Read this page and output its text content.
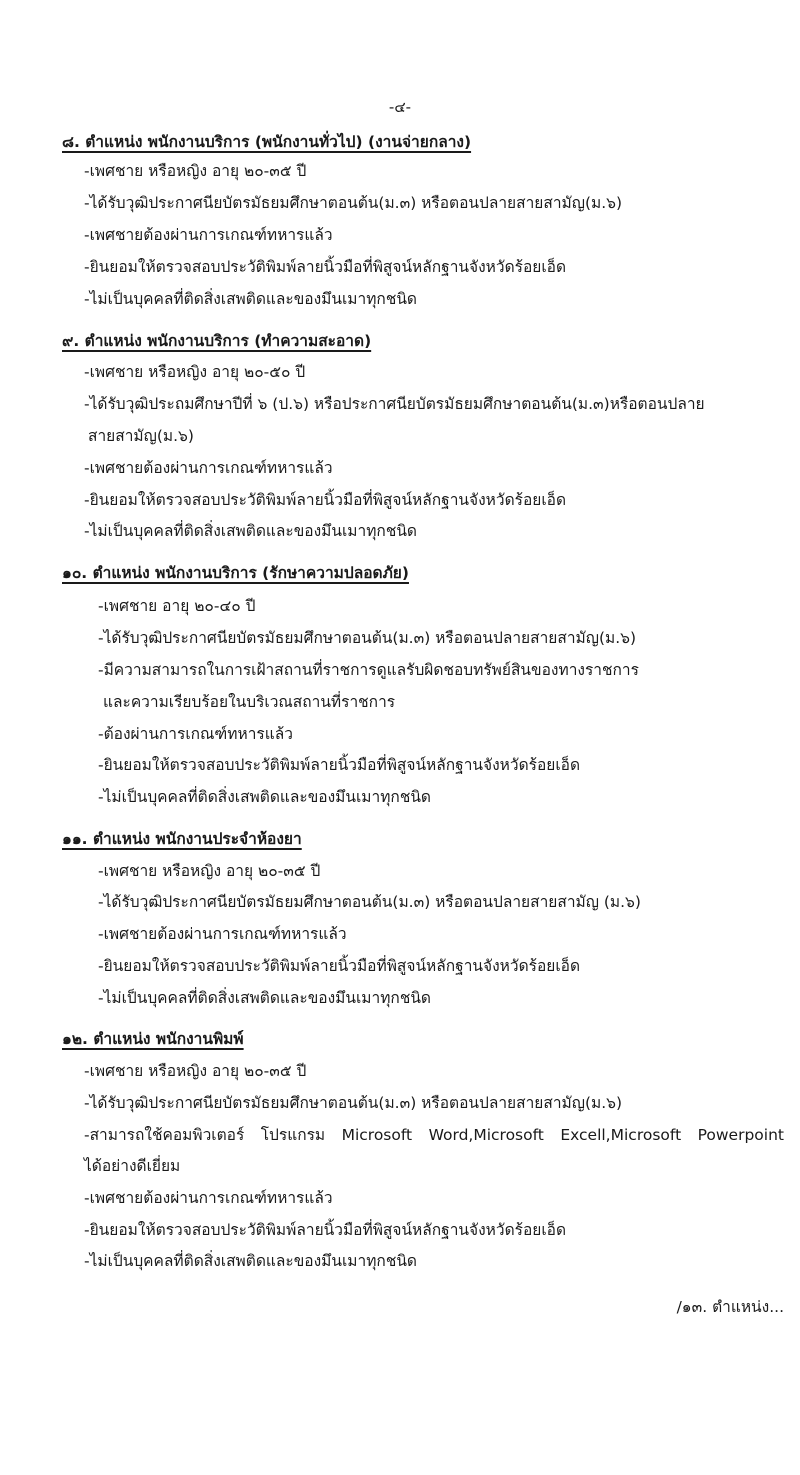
-๔-
๘. ตำแหน่ง พนักงานบริการ (พนักงานทั่วไป) (งานจ่ายกลาง)
-เพศชาย หรือหญิง อายุ ๒๐-๓๕ ปี
-ได้รับวุฒิประกาศนียบัตรมัธยมศึกษาตอนต้น(ม.๓) หรือตอนปลายสายสามัญ(ม.๖)
-เพศชายต้องผ่านการเกณฑ์ทหารแล้ว
-ยินยอมให้ตรวจสอบประวัติพิมพ์ลายนิ้วมือที่พิสูจน์หลักฐานจังหวัดร้อยเอ็ด
-ไม่เป็นบุคคลที่ติดสิ่งเสพติดและของมึนเมาทุกชนิด
๙. ตำแหน่ง พนักงานบริการ (ทำความสะอาด)
-เพศชาย หรือหญิง อายุ ๒๐-๕๐ ปี
-ได้รับวุฒิประถมศึกษาปีที่ ๖ (ป.๖) หรือประกาศนียบัตรมัธยมศึกษาตอนต้น(ม.๓)หรือตอนปลาย
สายสามัญ(ม.๖)
-เพศชายต้องผ่านการเกณฑ์ทหารแล้ว
-ยินยอมให้ตรวจสอบประวัติพิมพ์ลายนิ้วมือที่พิสูจน์หลักฐานจังหวัดร้อยเอ็ด
-ไม่เป็นบุคคลที่ติดสิ่งเสพติดและของมึนเมาทุกชนิด
๑๐. ตำแหน่ง พนักงานบริการ (รักษาความปลอดภัย)
-เพศชาย อายุ ๒๐-๔๐ ปี
-ได้รับวุฒิประกาศนียบัตรมัธยมศึกษาตอนต้น(ม.๓) หรือตอนปลายสายสามัญ(ม.๖)
-มีความสามารถในการเฝ้าสถานที่ราชการดูแลรับผิดชอบทรัพย์สินของทางราชการ
และความเรียบร้อยในบริเวณสถานที่ราชการ
-ต้องผ่านการเกณฑ์ทหารแล้ว
-ยินยอมให้ตรวจสอบประวัติพิมพ์ลายนิ้วมือที่พิสูจน์หลักฐานจังหวัดร้อยเอ็ด
-ไม่เป็นบุคคลที่ติดสิ่งเสพติดและของมึนเมาทุกชนิด
๑๑. ตำแหน่ง พนักงานประจำห้องยา
-เพศชาย หรือหญิง อายุ ๒๐-๓๕ ปี
-ได้รับวุฒิประกาศนียบัตรมัธยมศึกษาตอนต้น(ม.๓) หรือตอนปลายสายสามัญ (ม.๖)
-เพศชายต้องผ่านการเกณฑ์ทหารแล้ว
-ยินยอมให้ตรวจสอบประวัติพิมพ์ลายนิ้วมือที่พิสูจน์หลักฐานจังหวัดร้อยเอ็ด
-ไม่เป็นบุคคลที่ติดสิ่งเสพติดและของมึนเมาทุกชนิด
๑๒. ตำแหน่ง พนักงานพิมพ์
-เพศชาย หรือหญิง อายุ ๒๐-๓๕ ปี
-ได้รับวุฒิประกาศนียบัตรมัธยมศึกษาตอนต้น(ม.๓) หรือตอนปลายสายสามัญ(ม.๖)
-สามารถใช้คอมพิวเตอร์ โปรแกรม Microsoft Word,Microsoft Excell,Microsoft Powerpoint
ได้อย่างดีเยี่ยม
-เพศชายต้องผ่านการเกณฑ์ทหารแล้ว
-ยินยอมให้ตรวจสอบประวัติพิมพ์ลายนิ้วมือที่พิสูจน์หลักฐานจังหวัดร้อยเอ็ด
-ไม่เป็นบุคคลที่ติดสิ่งเสพติดและของมึนเมาทุกชนิด
/๑๓. ตำแหน่ง...
